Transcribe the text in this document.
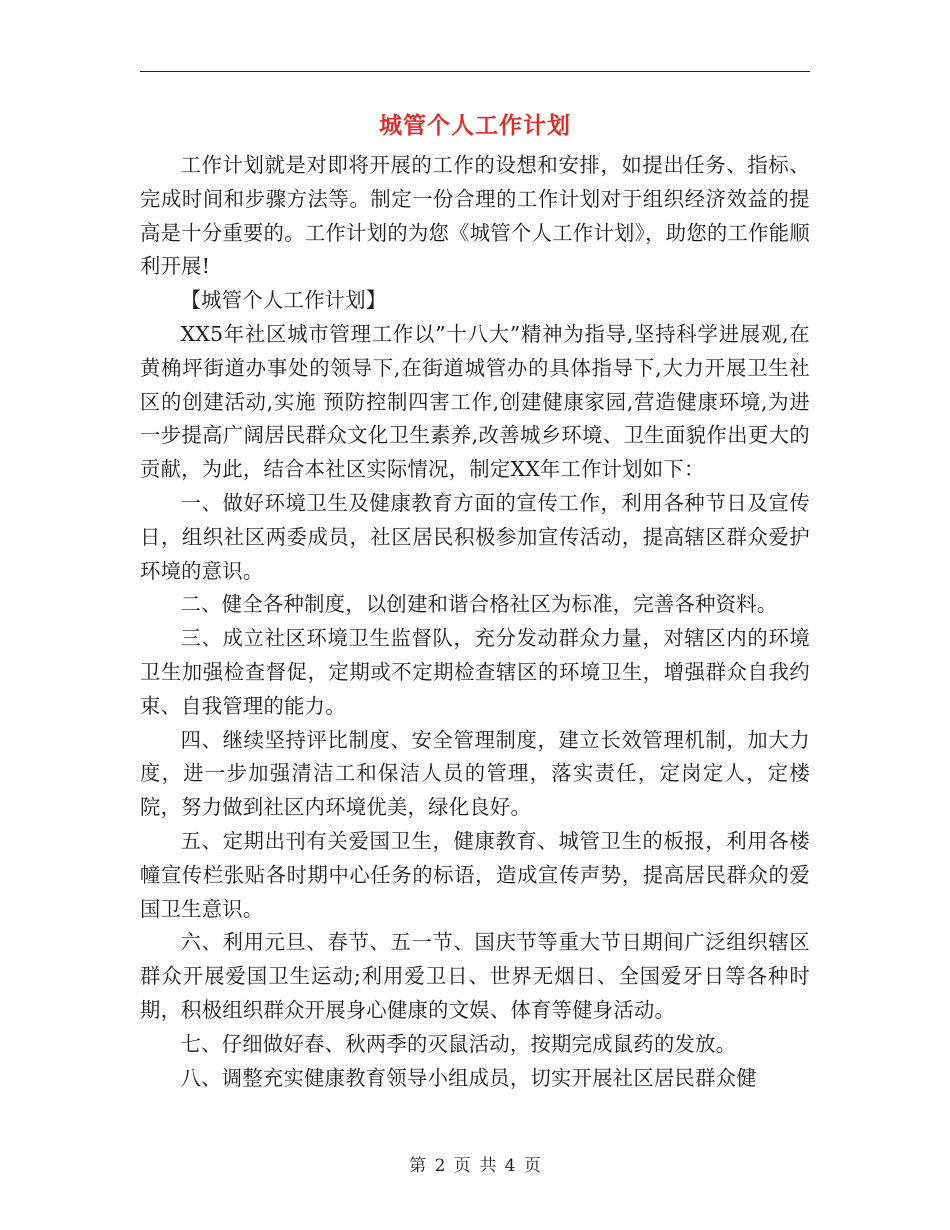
城管个人工作计划

工作计划就是对即将开展的工作的设想和安排，如提出任务、指标、完成时间和步骤方法等。制定一份合理的工作计划对于组织经济效益的提高是十分重要的。工作计划的为您《城管个人工作计划》，助您的工作能顺利开展!

【城管个人工作计划】

XX5年社区城市管理工作以”十八大”精神为指导,坚持科学进展观,在黄桷坪街道办事处的领导下,在街道城管办的具体指导下,大力开展卫生社区的创建活动,实施 预防控制四害工作,创建健康家园,营造健康环境,为进一步提高广阔居民群众文化卫生素养,改善城乡环境、卫生面貌作出更大的贡献，为此，结合本社区实际情况，制定XX年工作计划如下：

一、做好环境卫生及健康教育方面的宣传工作，利用各种节日及宣传日，组织社区两委成员，社区居民积极参加宣传活动，提高辖区群众爱护环境的意识。

二、健全各种制度，以创建和谐合格社区为标准，完善各种资料。

三、成立社区环境卫生监督队，充分发动群众力量，对辖区内的环境卫生加强检查督促，定期或不定期检查辖区的环境卫生，增强群众自我约束、自我管理的能力。

四、继续坚持评比制度、安全管理制度，建立长效管理机制，加大力度，进一步加强清洁工和保洁人员的管理，落实责任，定岗定人，定楼院，努力做到社区内环境优美，绿化良好。

五、定期出刊有关爱国卫生，健康教育、城管卫生的板报，利用各楼幢宣传栏张贴各时期中心任务的标语，造成宣传声势，提高居民群众的爱国卫生意识。

六、利用元旦、春节、五一节、国庆节等重大节日期间广泛组织辖区群众开展爱国卫生运动;利用爱卫日、世界无烟日、全国爱牙日等各种时期，积极组织群众开展身心健康的文娱、体育等健身活动。

七、仔细做好春、秋两季的灭鼠活动，按期完成鼠药的发放。

八、调整充实健康教育领导小组成员，切实开展社区居民群众健

第 2 页 共 4 页
